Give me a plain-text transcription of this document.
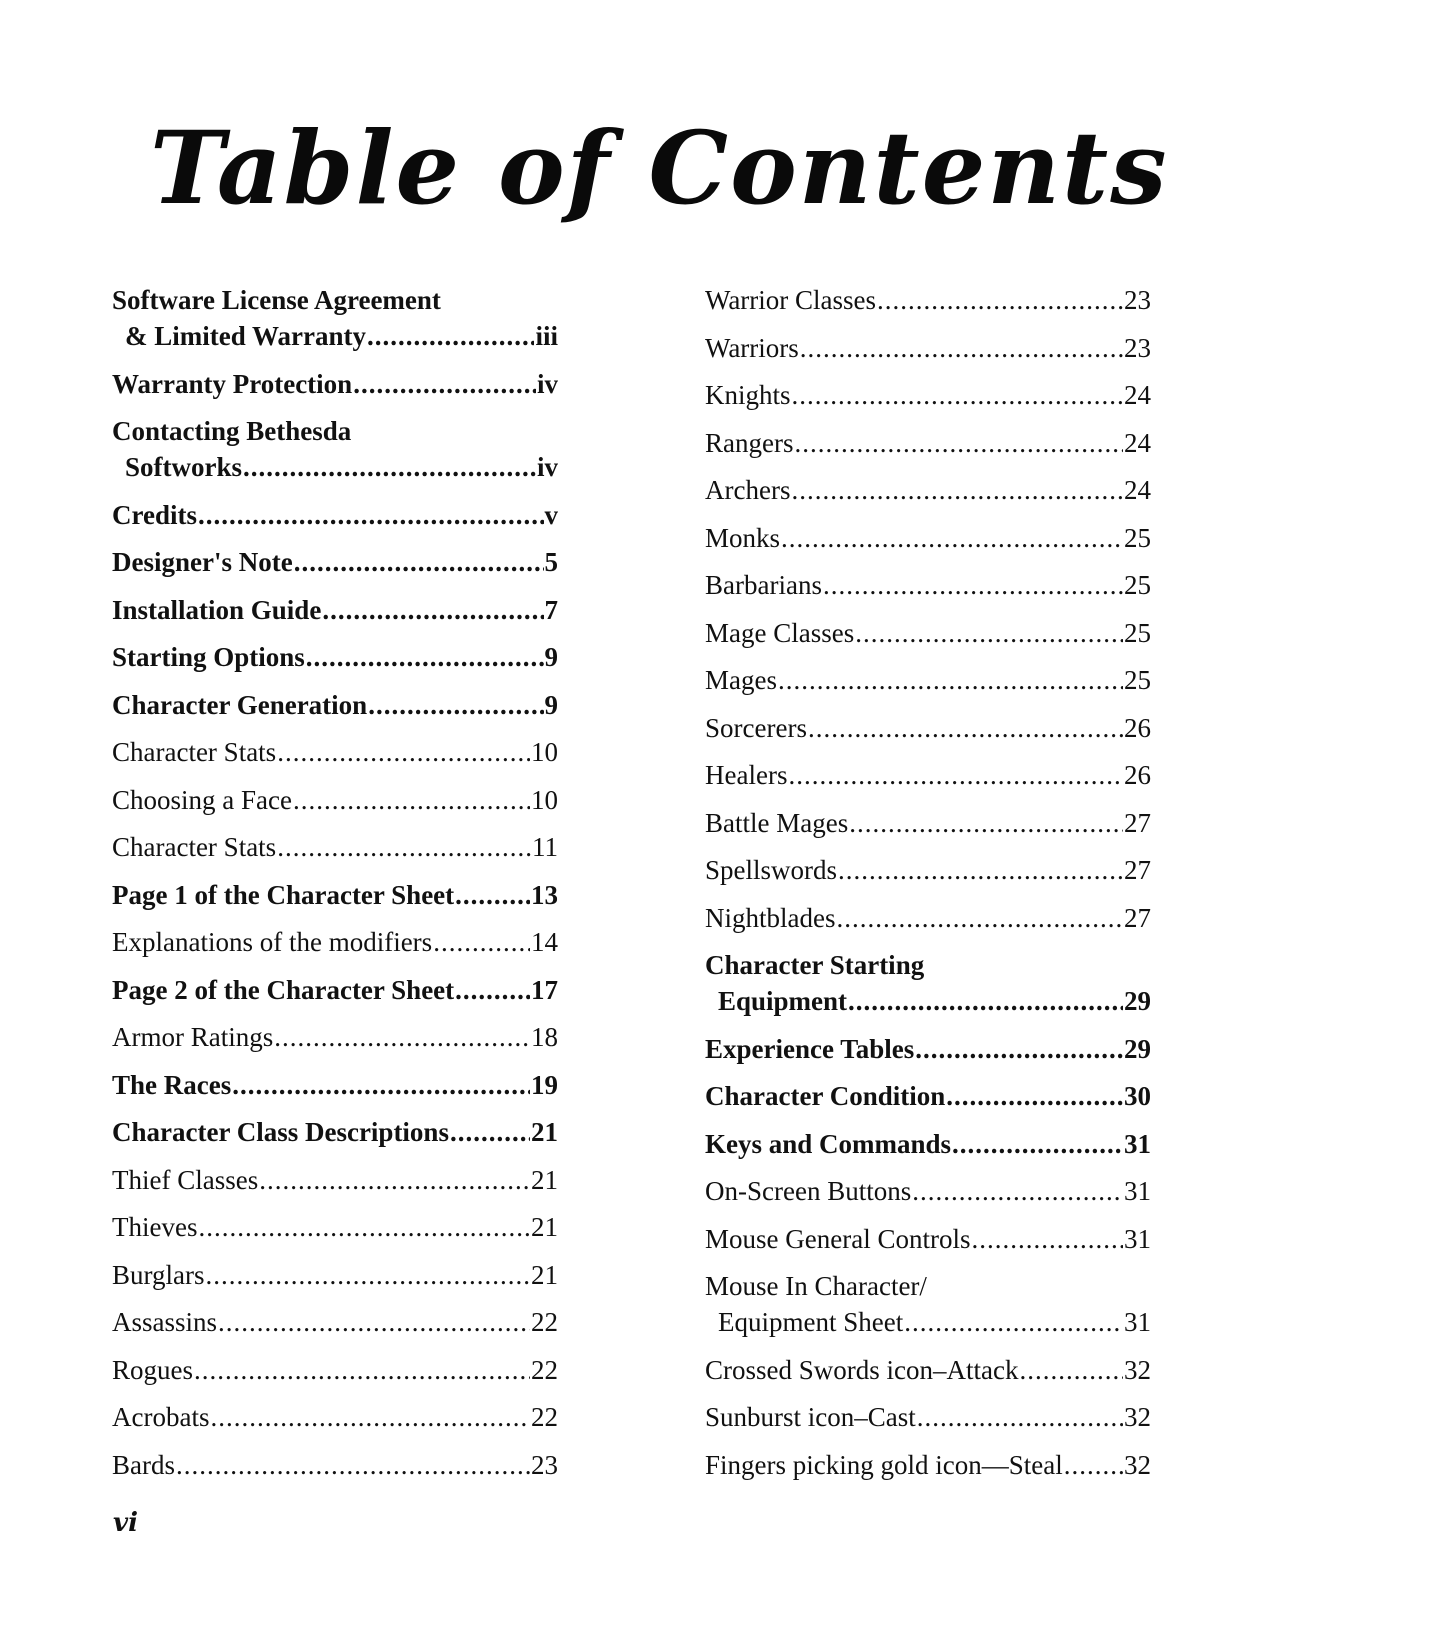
Table of Contents
Software License Agreement
& Limited Warranty .....	iii
Warranty Protection .....	iv
Contacting Bethesda
Softworks .....	iv
Credits .....	v
Designer's Note .....	5
Installation Guide .....	7
Starting Options .....	9
Character Generation .....	9
Character Stats .....	10
Choosing a Face .....	10
Character Stats .....	11
Page 1 of the Character Sheet .....	13
Explanations of the modifiers .....	14
Page 2 of the Character Sheet .....	17
Armor Ratings .....	18
The Races .....	19
Character Class Descriptions .....	21
Thief Classes .....	21
Thieves .....	21
Burglars .....	21
Assassins .....	22
Rogues .....	22
Acrobats .....	22
Bards .....	23
Warrior Classes .....	23
Warriors .....	23
Knights .....	24
Rangers .....	24
Archers .....	24
Monks .....	25
Barbarians .....	25
Mage Classes .....	25
Mages .....	25
Sorcerers .....	26
Healers .....	26
Battle Mages .....	27
Spellswords .....	27
Nightblades .....	27
Character Starting
Equipment .....	29
Experience Tables .....	29
Character Condition .....	30
Keys and Commands .....	31
On-Screen Buttons .....	31
Mouse General Controls .....	31
Mouse In Character/
Equipment Sheet .....	31
Crossed Swords icon–Attack .....	32
Sunburst icon–Cast .....	32
Fingers picking gold icon—Steal ..... 32
vi
